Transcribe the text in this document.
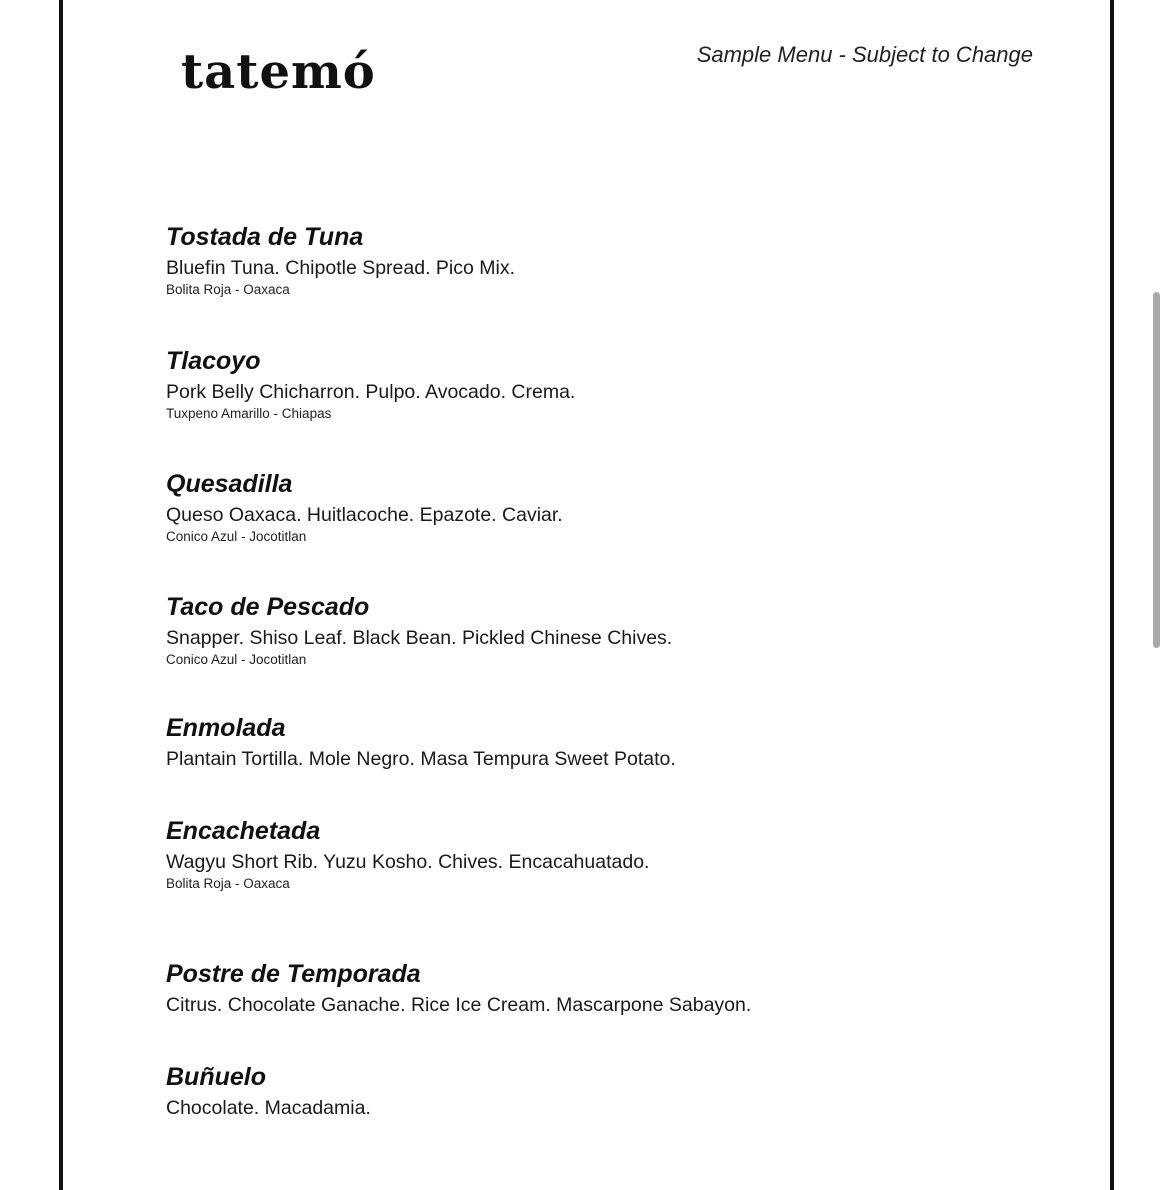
tatemó	Sample Menu - Subject to Change
Tostada de Tuna
Bluefin Tuna. Chipotle Spread. Pico Mix.
Bolita Roja - Oaxaca
Tlacoyo
Pork Belly Chicharron. Pulpo. Avocado. Crema.
Tuxpeno Amarillo - Chiapas
Quesadilla
Queso Oaxaca. Huitlacoche. Epazote. Caviar.
Conico Azul - Jocotitlan
Taco de Pescado
Snapper. Shiso Leaf. Black Bean. Pickled Chinese Chives.
Conico Azul - Jocotitlan
Enmolada
Plantain Tortilla. Mole Negro. Masa Tempura Sweet Potato.
Encachetada
Wagyu Short Rib. Yuzu Kosho. Chives. Encacahuatado.
Bolita Roja - Oaxaca
Postre de Temporada
Citrus. Chocolate Ganache. Rice Ice Cream. Mascarpone Sabayon.
Buñuelo
Chocolate. Macadamia.
